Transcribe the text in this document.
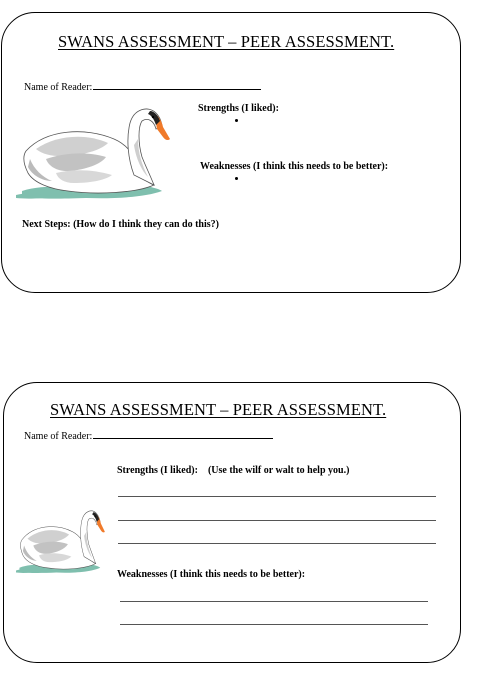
SWANS ASSESSMENT – PEER ASSESSMENT.
Name of Reader:
Strengths (I liked):
Weaknesses (I think this needs to be better):
Next Steps: (How do I think they can do this?)
SWANS ASSESSMENT – PEER ASSESSMENT.
Name of Reader:
Strengths (I liked): (Use the wilf or walt to help you.)
Weaknesses (I think this needs to be better):
